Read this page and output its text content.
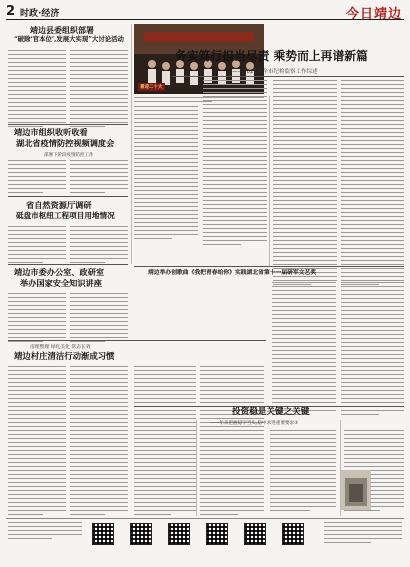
2 时政·经济	今日靖边
靖边县委组织部署
“破除‘官本位’,发展大实现”大讨论活动
喜迎二十大
务实笃行担当尽责 乘势而上再谱新篇
——2021年全市纪检监察工作综述
靖边市组织收听收看
湖北省疫情防控视频调度会
部署下阶段疫情防控工作
省自然资源厅调研
砥盘市枢纽工程项目用地情况
靖边市委办公室、政研室
举办国家安全知识讲座
清理整理 绿化美化 常态长效
靖边村庄清洁行动渐成习惯
靖边举办创歌曲《我把青春给你》实践湖北省第十一届研军文艺奖
投资稳是关键之关键
——年来把握稳字当头,稳中求进重要要求③
